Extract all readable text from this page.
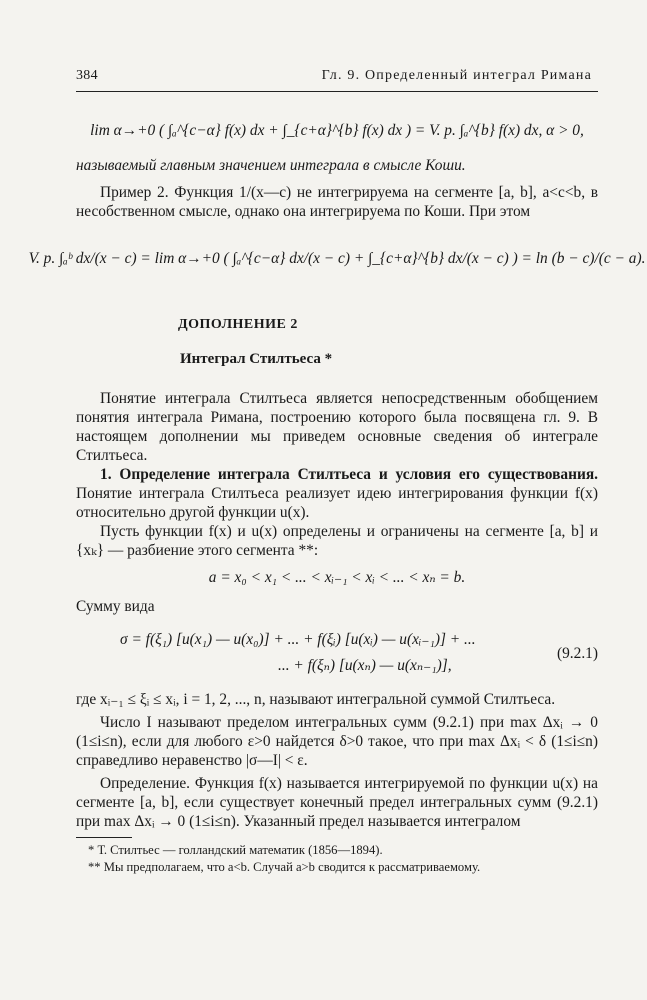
384	Гл. 9. Определенный интеграл Римана
lim α→+0 ( ∫ₐ^{c−α} f(x) dx + ∫_{c+α}^{b} f(x) dx ) = V. p. ∫ₐ^{b} f(x) dx, α > 0,

называемый главным значением интеграла в смысле Коши.

Пример 2. Функция 1/(x—c) не интегрируема на сегменте [a, b], a<c<b, в несобственном смысле, однако она интегрируема по Коши. При этом

V. p. ∫ₐᵇ dx/(x − c) = lim α→+0 ( ∫ₐ^{c−α} dx/(x − c) + ∫_{c+α}^{b} dx/(x − c) ) = ln (b − c)/(c − a).
ДОПОЛНЕНИЕ 2
Интеграл Стилтьеса *

Понятие интеграла Стилтьеса является непосредственным обобщением понятия интеграла Римана, построению которого была посвящена гл. 9. В настоящем дополнении мы приведем основные сведения об интеграле Стилтьеса.

1. Определение интеграла Стилтьеса и условия его существования. Понятие интеграла Стилтьеса реализует идею интегрирования функции f(x) относительно другой функции u(x).

Пусть функции f(x) и u(x) определены и ограничены на сегменте [a, b] и {xₖ} — разбиение этого сегмента **:

a = x₀ < x₁ < ... < xᵢ₋₁ < xᵢ < ... < xₙ = b.

Сумму вида

σ = f(ξ₁) [u(x₁) — u(x₀)] + ... + f(ξᵢ) [u(xᵢ) — u(xᵢ₋₁)] + ...
(9.2.1)
... + f(ξₙ) [u(xₙ) — u(xₙ₋₁)],

где xᵢ₋₁ ≤ ξᵢ ≤ xᵢ, i = 1, 2, ..., n, называют интегральной суммой Стилтьеса.

Число I называют пределом интегральных сумм (9.2.1) при max Δxᵢ → 0 (1≤i≤n), если для любого ε>0 найдется δ>0 такое, что при max Δxᵢ < δ (1≤i≤n) справедливо неравенство |σ—I| < ε.

Определение. Функция f(x) называется интегрируемой по функции u(x) на сегменте [a, b], если существует конечный предел интегральных сумм (9.2.1) при max Δxᵢ → 0 (1≤i≤n). Указанный предел называется интегралом

* Т. Стилтьес — голландский математик (1856—1894).

** Мы предполагаем, что a<b. Случай a>b сводится к рассматриваемому.
